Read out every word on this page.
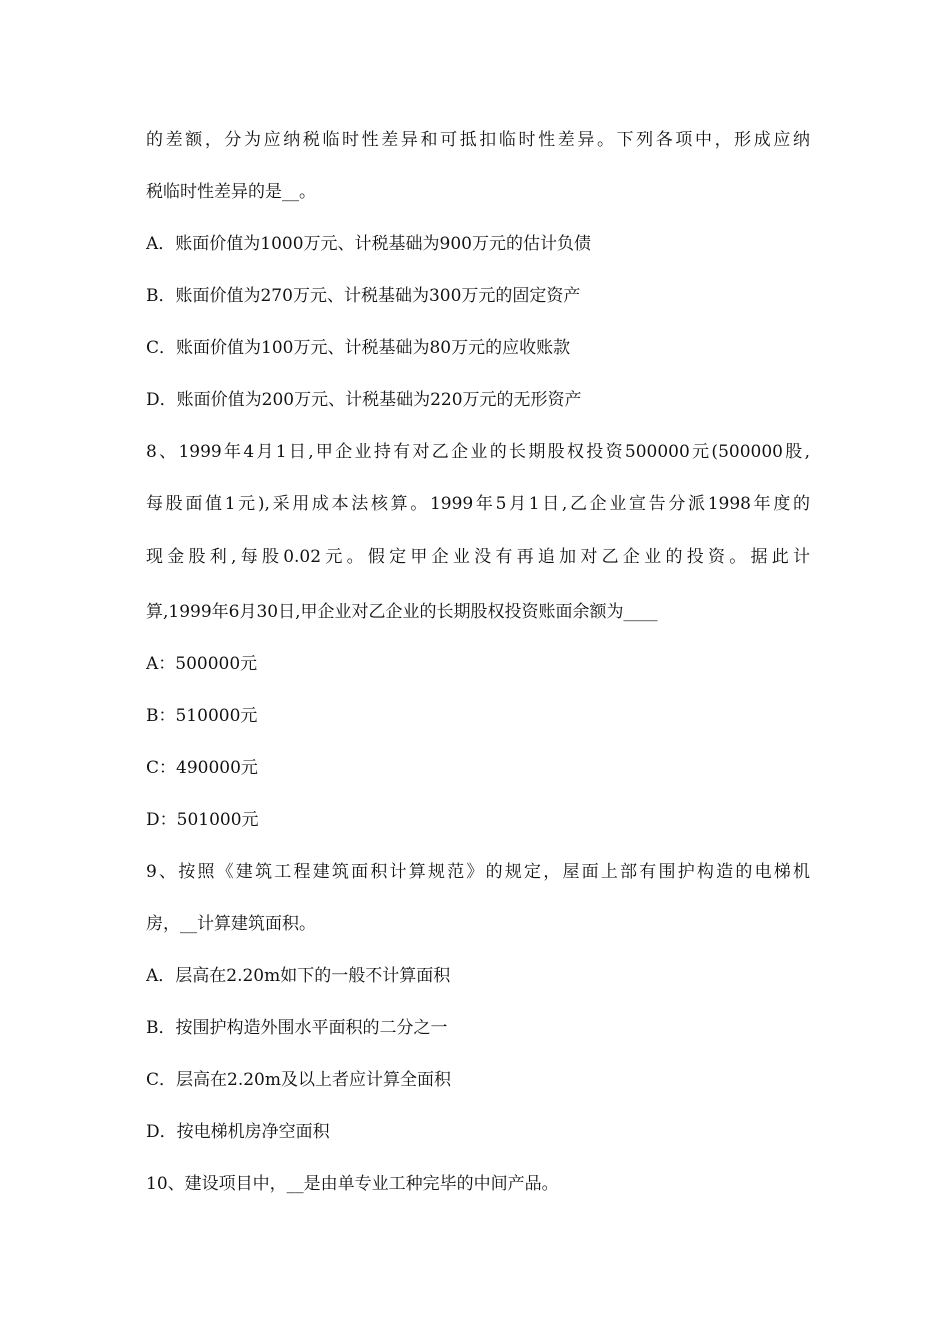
的差额，分为应纳税临时性差异和可抵扣临时性差异。下列各项中，形成应纳
税临时性差异的是__。
A．账面价值为1000万元、计税基础为900万元的估计负债
B．账面价值为270万元、计税基础为300万元的固定资产
C．账面价值为100万元、计税基础为80万元的应收账款
D．账面价值为200万元、计税基础为220万元的无形资产
8、1999年4月1日,甲企业持有对乙企业的长期股权投资500000元(500000股,
每股面值1元),采用成本法核算。1999年5月1日,乙企业宣告分派1998年度的
现金股利,每股0.02元。假定甲企业没有再追加对乙企业的投资。据此计
算,1999年6月30日,甲企业对乙企业的长期股权投资账面余额为____
A：500000元
B：510000元
C：490000元
D：501000元
9、按照《建筑工程建筑面积计算规范》的规定，屋面上部有围护构造的电梯机
房，__计算建筑面积。
A．层高在2.20m如下的一般不计算面积
B．按围护构造外围水平面积的二分之一
C．层高在2.20m及以上者应计算全面积
D．按电梯机房净空面积
10、建设项目中，__是由单专业工种完毕的中间产品。
